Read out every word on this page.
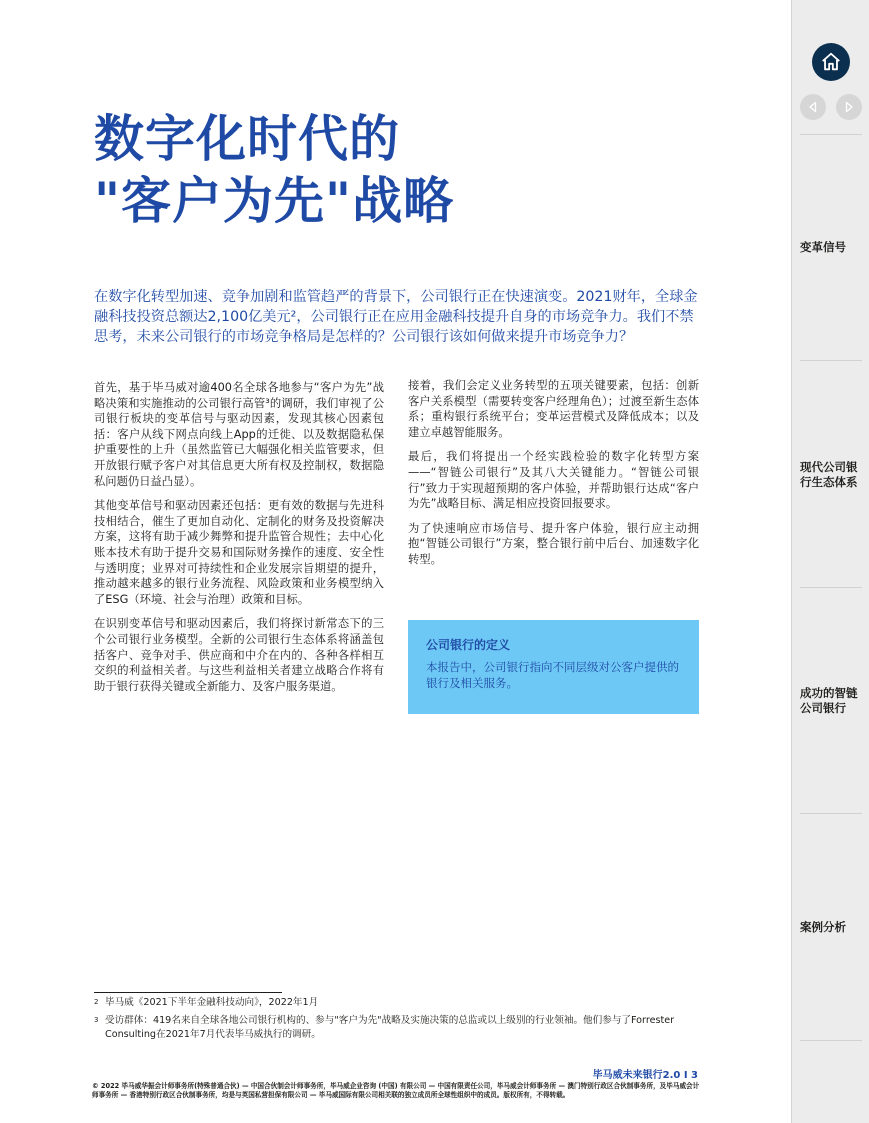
数字化时代的
"客户为先"战略

在数字化转型加速、竞争加剧和监管趋严的背景下，公司银行正在快速演变。2021财年，全球金融科技投资总额达2,100亿美元²，公司银行正在应用金融科技提升自身的市场竞争力。我们不禁思考，未来公司银行的市场竞争格局是怎样的？公司银行该如何做来提升市场竞争力？

首先，基于毕马威对逾400名全球各地参与“客户为先”战略决策和实施推动的公司银行高管³的调研，我们审视了公司银行板块的变革信号与驱动因素，发现其核心因素包括：客户从线下网点向线上App的迁徙、以及数据隐私保护重要性的上升（虽然监管已大幅强化相关监管要求，但开放银行赋予客户对其信息更大所有权及控制权，数据隐私问题仍日益凸显）。

其他变革信号和驱动因素还包括：更有效的数据与先进科技相结合，催生了更加自动化、定制化的财务及投资解决方案，这将有助于减少舞弊和提升监管合规性；去中心化账本技术有助于提升交易和国际财务操作的速度、安全性与透明度；业界对可持续性和企业发展宗旨期望的提升，推动越来越多的银行业务流程、风险政策和业务模型纳入了ESG（环境、社会与治理）政策和目标。

在识别变革信号和驱动因素后，我们将探讨新常态下的三个公司银行业务模型。全新的公司银行生态体系将涵盖包括客户、竞争对手、供应商和中介在内的、各种各样相互交织的利益相关者。与这些利益相关者建立战略合作将有助于银行获得关键或全新能力、及客户服务渠道。

接着，我们会定义业务转型的五项关键要素，包括：创新客户关系模型（需要转变客户经理角色）；过渡至新生态体系；重构银行系统平台；变革运营模式及降低成本；以及建立卓越智能服务。

最后，我们将提出一个经实践检验的数字化转型方案——“智链公司银行”及其八大关键能力。“智链公司银行”致力于实现超预期的客户体验，并帮助银行达成“客户为先”战略目标、满足相应投资回报要求。

为了快速响应市场信号、提升客户体验，银行应主动拥抱“智链公司银行”方案，整合银行前中后台、加速数字化转型。

公司银行的定义
本报告中，公司银行指向不同层级对公客户提供的银行及相关服务。
2 毕马威《2021下半年金融科技动向》，2022年1月
3 受访群体：419名来自全球各地公司银行机构的、参与"客户为先"战略及实施决策的总监或以上级别的行业领袖。他们参与了Forrester Consulting在2021年7月代表毕马威执行的调研。
毕马威未来银行2.0 I 3
© 2022 毕马威华振会计师事务所(特殊普通合伙) — 中国合伙制会计师事务所，毕马威企业咨询 (中国) 有限公司 — 中国有限责任公司，毕马威会计师事务所 — 澳门特别行政区合伙制事务所，及毕马威会计师事务所 — 香港特别行政区合伙制事务所，均是与英国私营担保有限公司 — 毕马威国际有限公司相关联的独立成员所全球性组织中的成员。版权所有，不得转载。
变革信号
现代公司银行生态体系
成功的智链公司银行
案例分析
